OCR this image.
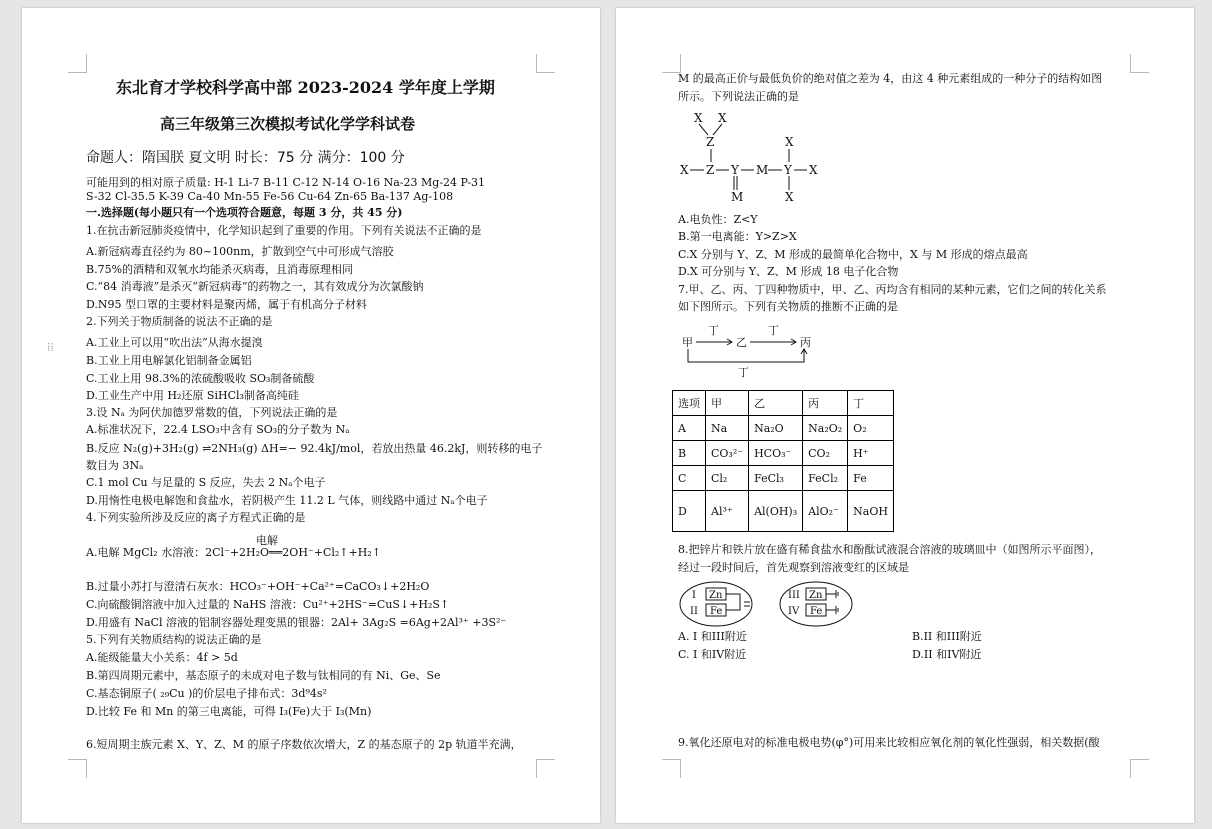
东北育才学校科学高中部 2023-2024 学年度上学期
高三年级第三次模拟考试化学学科试卷
命题人：隋国朕 夏文明 时长：75 分 满分：100 分
可能用到的相对原子质量: H-1 Li-7 B-11 C-12 N-14 O-16 Na-23 Mg-24 P-31
S-32 Cl-35.5 K-39 Ca-40 Mn-55 Fe-56 Cu-64 Zn-65 Ba-137 Ag-108
一.选择题(每小题只有一个选项符合题意，每题 3 分，共 45 分)
1.在抗击新冠肺炎疫情中，化学知识起到了重要的作用。下列有关说法不正确的是
A.新冠病毒直径约为 80~100nm，扩散到空气中可形成气溶胶
B.75%的酒精和双氧水均能杀灭病毒，且消毒原理相同
C.“84 消毒液”是杀灭“新冠病毒”的药物之一，其有效成分为次氯酸钠
D.N95 型口罩的主要材料是聚丙烯，属于有机高分子材料
2.下列关于物质制备的说法不正确的是
⁞⁞	A.工业上可以用“吹出法”从海水提溴
B.工业上用电解氯化铝制备金属铝
C.工业上用 98.3%的浓硫酸吸收 SO₃制备硫酸
D.工业生产中用 H₂还原 SiHCl₃制备高纯硅
3.设 Nₐ 为阿伏加德罗常数的值，下列说法正确的是
A.标准状况下，22.4 LSO₃中含有 SO₃的分子数为 Nₐ
B.反应 N₂(g)+3H₂(g) ⇌2NH₃(g) ΔH=− 92.4kJ/mol，若放出热量 46.2kJ，则转移的电子
数目为 3Nₐ
C.1 mol Cu 与足量的 S 反应，失去 2 Nₐ个电子
D.用惰性电极电解饱和食盐水，若阴极产生 11.2 L 气体，则线路中通过 Nₐ个电子
4.下列实验所涉及反应的离子方程式正确的是
电解
A.电解 MgCl₂ 水溶液：2Cl⁻+2H₂O══2OH⁻+Cl₂↑+H₂↑
B.过量小苏打与澄清石灰水：HCO₃⁻+OH⁻+Ca²⁺=CaCO₃↓+2H₂O
C.向硫酸铜溶液中加入过量的 NaHS 溶液：Cu²⁺+2HS⁻=CuS↓+H₂S↑
D.用盛有 NaCl 溶液的铝制容器处理变黑的银器：2Al+ 3Ag₂S =6Ag+2Al³⁺ +3S²⁻
5.下列有关物质结构的说法正确的是
A.能级能量大小关系：4f > 5d
B.第四周期元素中，基态原子的未成对电子数与钛相同的有 Ni、Ge、Se
C.基态铜原子( ₂₉Cu )的价层电子排布式：3d⁹4s²
D.比较 Fe 和 Mn 的第三电离能，可得 I₃(Fe)大于 I₃(Mn)
6.短周期主族元素 X、Y、Z、M 的原子序数依次增大，Z 的基态原子的 2p 轨道半充满，
M 的最高正价与最低负价的绝对值之差为 4，由这 4 种元素组成的一种分子的结构如图
所示。下列说法正确的是
X X
Z
X Z Y M Y X
X
X
M
A.电负性：Z<Y
B.第一电离能：Y>Z>X
C.X 分别与 Y、Z、M 形成的最简单化合物中，X 与 M 形成的熔点最高
D.X 可分别与 Y、Z、M 形成 18 电子化合物
7.甲、乙、丙、丁四种物质中，甲、乙、丙均含有相同的某种元素，它们之间的转化关系
如下图所示。下列有关物质的推断不正确的是
甲	乙	丙
丁	丁
丁
选项	甲	乙	丙	丁
A	Na	Na₂O	Na₂O₂	O₂
B	CO₃²⁻	HCO₃⁻	CO₂	H⁺
C	Cl₂	FeCl₃	FeCl₂	Fe
D	Al³⁺	Al(OH)₃	AlO₂⁻	NaOH
8.把锌片和铁片放在盛有稀食盐水和酚酞试液混合溶液的玻璃皿中（如图所示平面图），
经过一段时间后，首先观察到溶液变红的区域是
I
II
Zn
Fe
III
IV
Zn
Fe
A. I 和III附近	B.II 和III附近
C. I 和IV附近	D.II 和IV附近
9.氧化还原电对的标准电极电势(φ°)可用来比较相应氧化剂的氧化性强弱，相关数据(酸
